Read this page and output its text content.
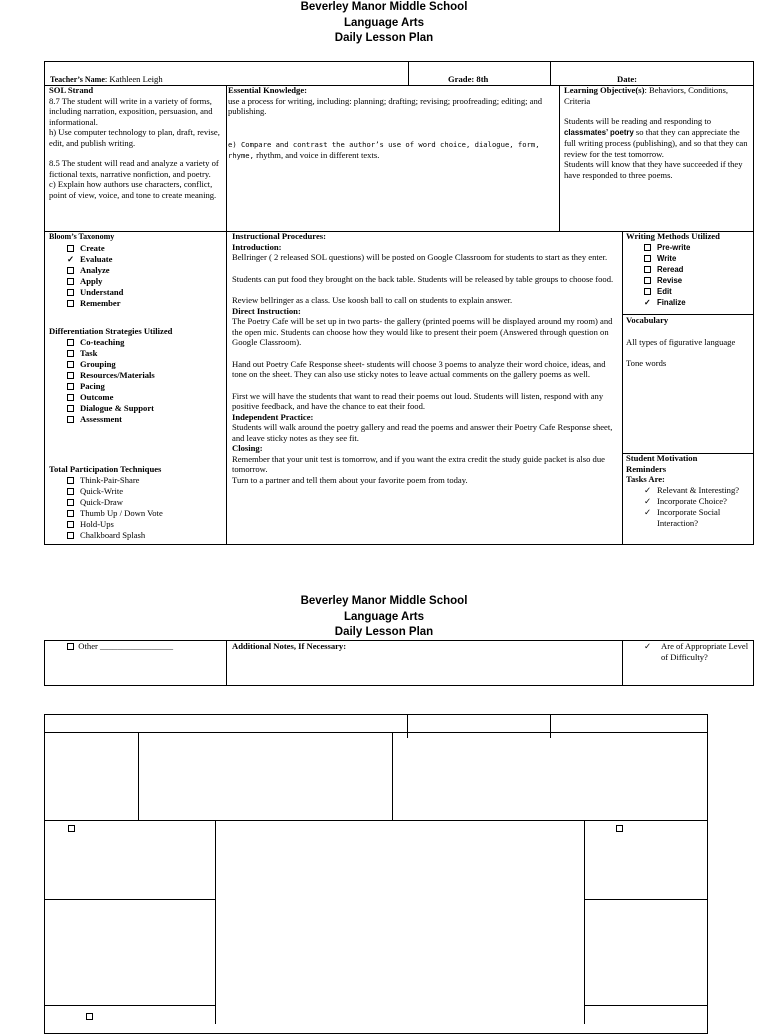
Beverley Manor Middle School
Language Arts
Daily Lesson Plan
Teacher’s Name: Kathleen Leigh	Grade: 8th	Date:

SOL Strand

8.7 The student will write in a variety of forms, including narration, exposition, persuasion, and informational.

h) Use computer technology to plan, draft, revise, edit, and publish writing.

8.5 The student will read and analyze a variety of fictional texts, narrative nonfiction, and poetry.

c) Explain how authors use characters, conflict, point of view, voice, and tone to create meaning.

Essential Knowledge:

use a process for writing, including: planning; drafting; revising; proofreading; editing; and publishing.

e) Compare and contrast the author’s use of word choice, dialogue, form, rhyme, rhythm, and voice in different texts.

Learning Objective(s): Behaviors, Conditions, Criteria

Students will be reading and responding to classmates’ poetry so that they can appreciate the full writing process (publishing), and so that they can review for the test tomorrow.

Students will know that they have succeeded if they have responded to three poems.

Bloom’s Taxonomy

Create
✓ Evaluate
Analyze
Apply
Understand
Remember

Differentiation Strategies Utilized

Co-teaching
Task
Grouping
Resources/Materials
Pacing
Outcome
Dialogue & Support
Assessment

Total Participation Techniques

Think-Pair-Share
Quick-Write
Quick-Draw
Thumb Up / Down Vote
Hold-Ups
Chalkboard Splash

Instructional Procedures:

Introduction:

Bellringer ( 2 released SOL questions) will be posted on Google Classroom for students to start as they enter.

Students can put food they brought on the back table. Students will be released by table groups to choose food.

Review bellringer as a class. Use koosh ball to call on students to explain answer.

Direct Instruction:

The Poetry Cafe will be set up in two parts- the gallery (printed poems will be displayed around my room) and the open mic. Students can choose how they would like to present their poem (Answered through question on Google Classroom).

Hand out Poetry Cafe Response sheet- students will choose 3 poems to analyze their word choice, ideas, and tone on the sheet. They can also use sticky notes to leave actual comments on the gallery poems as well.

First we will have the students that want to read their poems out loud. Students will listen, respond with any positive feedback, and have the chance to eat their food.

Independent Practice:

Students will walk around the poetry gallery and read the poems and answer their Poetry Cafe Response sheet, and leave sticky notes as they see fit.

Closing:

Remember that your unit test is tomorrow, and if you want the extra credit the study guide packet is also due tomorrow.

Turn to a partner and tell them about your favorite poem from today.

Writing Methods Utilized

Pre-write
Write
Reread
Revise
Edit
✓ Finalize

Vocabulary

All types of figurative language

Tone words

Student Motivation

Reminders

Tasks Are:

✓ Relevant & Interesting?
✓ Incorporate Choice?
✓ Incorporate Social Interaction?
Beverley Manor Middle School
Language Arts
Daily Lesson Plan
Other _________________	Additional Notes, If Necessary:	✓	Are of Appropriate Level of Difficulty?
